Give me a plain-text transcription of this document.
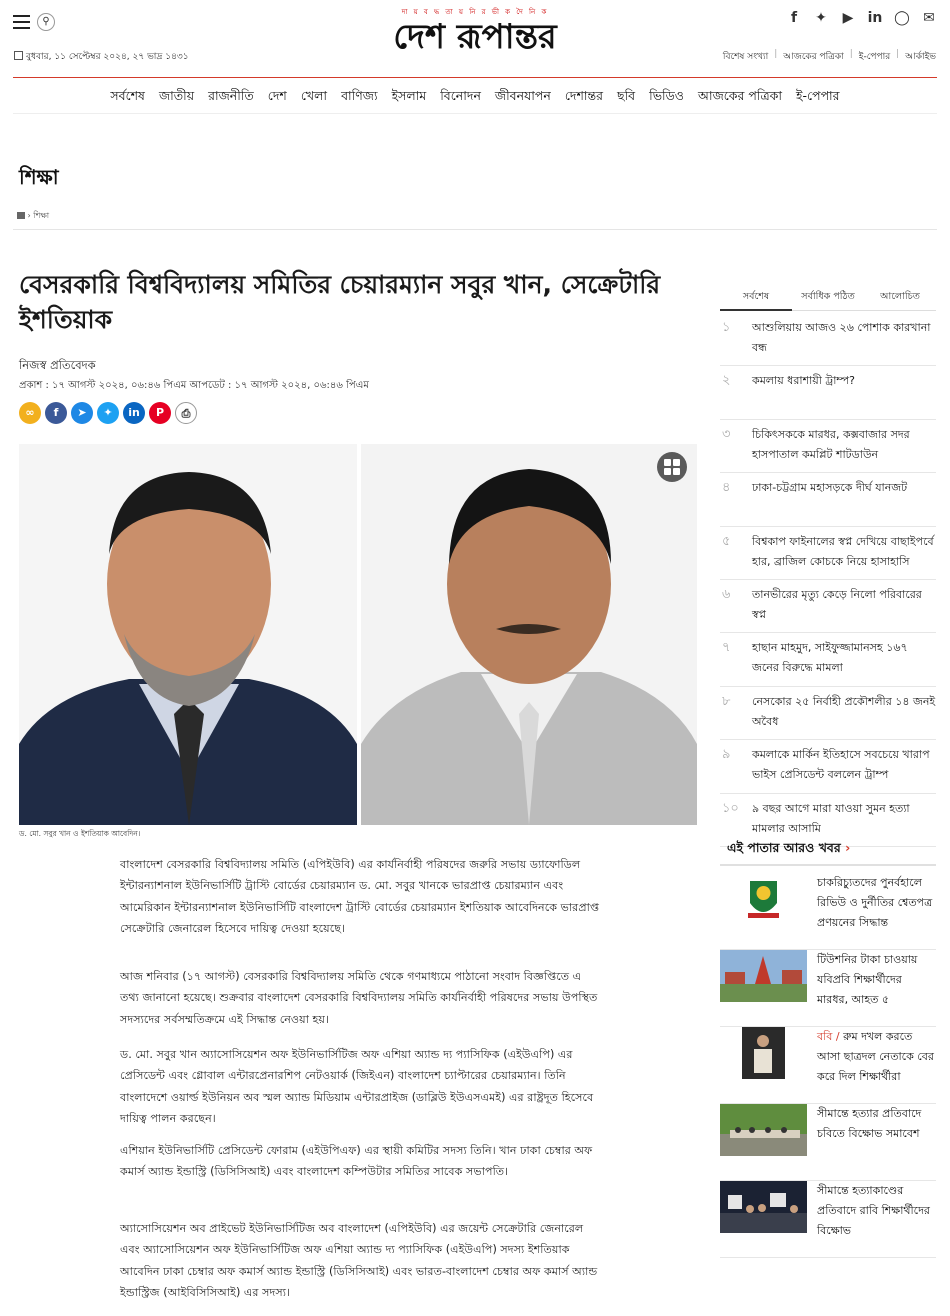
⚲
দা য় ব দ্ধ তা য় নি র ভী ক দৈ নি ক
দেশ রূপান্তর	f	✦ ▶ in ◯ ✉
বুধবার, ১১ সেপ্টেম্বর ২০২৪, ২৭ ভাদ্র ১৪৩১	বিশেষ সংখ্যা | আজকের পত্রিকা | ই-পেপার | আর্কাইভ
সর্বশেষ জাতীয় রাজনীতি দেশ খেলা বাণিজ্য ইসলাম বিনোদন জীবনযাপন দেশান্তর ছবি ভিডিও আজকের পত্রিকা ই-পেপার
শিক্ষা
› শিক্ষা
বেসরকারি বিশ্ববিদ্যালয় সমিতির চেয়ারম্যান সবুর খান, সেক্রেটারি ইশতিয়াক
নিজস্ব প্রতিবেদক
প্রকাশ : ১৭ আগস্ট ২০২৪, ০৬:৪৬ পিএম আপডেট : ১৭ আগস্ট ২০২৪, ০৬:৪৬ পিএম
∞	f	➤	✦	in	P	⎙
ড. মো. সবুর খান ও ইশতিয়াক আবেদিন।

বাংলাদেশ বেসরকারি বিশ্ববিদ্যালয় সমিতি (এপিইউবি) এর কার্যনির্বাহী পরিষদের জরুরি সভায় ড্যাফোডিল ইন্টারন্যাশনাল ইউনিভার্সিটি ট্রাস্টি বোর্ডের চেয়ারম্যান ড. মো. সবুর খানকে ভারপ্রাপ্ত চেয়ারম্যান এবং আমেরিকান ইন্টারন্যাশনাল ইউনিভার্সিটি বাংলাদেশ ট্রাস্টি বোর্ডের চেয়ারম্যান ইশতিয়াক আবেদিনকে ভারপ্রাপ্ত সেক্রেটারি জেনারেল হিসেবে দায়িত্ব দেওয়া হয়েছে।

আজ শনিবার (১৭ আগস্ট) বেসরকারি বিশ্ববিদ্যালয় সমিতি থেকে গণমাধ্যমে পাঠানো সংবাদ বিজ্ঞপ্তিতে এ তথ্য জানানো হয়েছে। শুক্রবার বাংলাদেশ বেসরকারি বিশ্ববিদ্যালয় সমিতি কার্যনির্বাহী পরিষদের সভায় উপস্থিত সদস্যদের সর্বসম্মতিক্রমে এই সিদ্ধান্ত নেওয়া হয়।

ড. মো. সবুর খান অ্যাসোসিয়েশন অফ ইউনিভার্সিটিজ অফ এশিয়া অ্যান্ড দ্য প্যাসিফিক (এইউএপি) এর প্রেসিডেন্ট এবং গ্লোবাল এন্টারপ্রেনারশিপ নেটওয়ার্ক (জিইএন) বাংলাদেশ চ্যাপ্টারের চেয়ারম্যান। তিনি বাংলাদেশে ওয়ার্ল্ড ইউনিয়ন অব স্মল অ্যান্ড মিডিয়াম এন্টারপ্রাইজ (ডাব্লিউ ইউএসএমই) এর রাষ্ট্রদূত হিসেবে দায়িত্ব পালন করছেন।

এশিয়ান ইউনিভার্সিটি প্রেসিডেন্ট ফোরাম (এইউপিএফ) এর স্থায়ী কমিটির সদস্য তিনি। খান ঢাকা চেম্বার অফ কমার্স অ্যান্ড ইন্ডাস্ট্রি (ডিসিসিআই) এবং বাংলাদেশ কম্পিউটার সমিতির সাবেক সভাপতি।

অ্যাসোসিয়েশন অব প্রাইভেট ইউনিভার্সিটিজ অব বাংলাদেশ (এপিইউবি) এর জয়েন্ট সেক্রেটারি জেনারেল এবং অ্যাসোসিয়েশন অফ ইউনিভার্সিটিজ অফ এশিয়া অ্যান্ড দ্য প্যাসিফিক (এইউএপি) সদস্য ইশতিয়াক আবেদিন ঢাকা চেম্বার অফ কমার্স অ্যান্ড ইন্ডাস্ট্রি (ডিসিসিআই) এবং ভারত-বাংলাদেশ চেম্বার অফ কমার্স অ্যান্ড ইন্ডাস্ট্রিজ (আইবিসিসিআই) এর সদস্য।

সর্বশেষ	সর্বাধিক পঠিত	আলোচিত
১	আশুলিয়ায় আজও ২৬ পোশাক কারখানা বন্ধ
২	কমলায় ধরাশায়ী ট্রাম্প?
৩	চিকিৎসককে মারধর, কক্সবাজার সদর হাসপাতাল কমপ্লিট শাটডাউন
৪	ঢাকা-চট্টগ্রাম মহাসড়কে দীর্ঘ যানজট
৫	বিশ্বকাপ ফাইনালের স্বপ্ন দেখিয়ে বাছাইপর্বে হার, ব্রাজিল কোচকে নিয়ে হাসাহাসি
৬	তানভীরের মৃত্যু কেড়ে নিলো পরিবারের স্বপ্ন
৭	হাছান মাহমুদ, সাইফুজ্জামানসহ ১৬৭ জনের বিরুদ্ধে মামলা
৮	নেসকোর ২৫ নির্বাহী প্রকৌশলীর ১৪ জনই অবৈধ
৯	কমলাকে মার্কিন ইতিহাসে সবচেয়ে খারাপ ভাইস প্রেসিডেন্ট বললেন ট্রাম্প
১০	৯ বছর আগে মারা যাওয়া সুমন হত্যা মামলার আসামি
এই পাতার আরও খবর ›
চাকরিচ্যুতদের পুনর্বহালে রিভিউ ও দুর্নীতির শ্বেতপত্র প্রণয়নের সিদ্ধান্ত
টিউশনির টাকা চাওয়ায় যবিপ্রবি শিক্ষার্থীদের মারধর, আহত ৫
ববি / রুম দখল করতে আসা ছাত্রদল নেতাকে বের করে দিল শিক্ষার্থীরা
সীমান্তে হত্যার প্রতিবাদে চবিতে বিক্ষোভ সমাবেশ
সীমান্তে হত্যাকাণ্ডের প্রতিবাদে রাবি শিক্ষার্থীদের বিক্ষোভ
